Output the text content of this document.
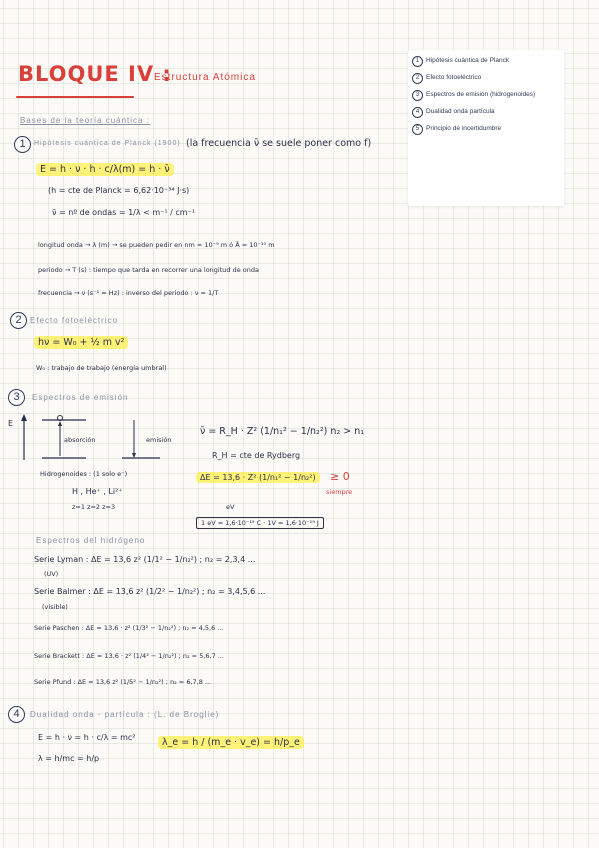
BLOQUE IV :
Estructura Atómica
1 Hipótesis cuántica de Planck
2 Efecto fotoeléctrico
3 Espectros de emisión (hidrogenoides)
4 Dualidad onda partícula
5 Principio de incertidumbre
Bases de la teoría cuántica :
1	Hipótesis cuántica de Planck (1900) (la frecuencia ν̄ se suele poner como f)
E = h · ν · h · c/λ(m) = h · ν̄
(h = cte de Planck = 6,62·10⁻³⁴ J·s)
ν̄ = nº de ondas = 1/λ < m⁻¹ / cm⁻¹
longitud onda → λ (m) → se pueden pedir en nm = 10⁻⁹ m ó Å = 10⁻¹⁰ m
periodo → T (s) : tiempo que tarda en recorrer una longitud de onda
frecuencia → ν (s⁻¹ = Hz) : inverso del periodo : ν = 1/T
2	Efecto fotoeléctrico
hν = W₀ + ½ m v²
W₀ : trabajo de trabajo (energía umbral)
3	Espectros de emisión
E
absorción	emisión
Hidrogenoides : (1 solo e⁻)
H , He⁺ , Li²⁺
z=1 z=2 z=3
ν̄ = R_H · Z² (1/n₁² − 1/n₂²) n₂ > n₁
R_H = cte de Rydberg
ΔE = 13,6 · Z² (1/n₁² − 1/n₂²)
eV
≥ 0
siempre
1 eV = 1,6·10⁻¹⁹ C · 1V = 1,6·10⁻¹⁹ J
Espectros del hidrógeno
Serie Lyman : ΔE = 13,6 z² (1/1² − 1/n₂²) ; n₂ = 2,3,4 ...
(UV)
Serie Balmer : ΔE = 13,6 z² (1/2² − 1/n₂²) ; n₂ = 3,4,5,6 ...
(visible)
Serie Paschen : ΔE = 13,6 · z² (1/3² − 1/n₂²) ; n₂ = 4,5,6 ...
Serie Brackett : ΔE = 13,6 · z² (1/4² − 1/n₂²) ; n₂ = 5,6,7 ...
Serie Pfund : ΔE = 13,6 z² (1/5² − 1/n₂²) ; n₂ = 6,7,8 ...
4	Dualidad onda - partícula : (L. de Broglie)
E = h · ν = h · c/λ = mc²
λ = h/mc = h/p
λ_e = h / (m_e · v_e) = h/p_e
